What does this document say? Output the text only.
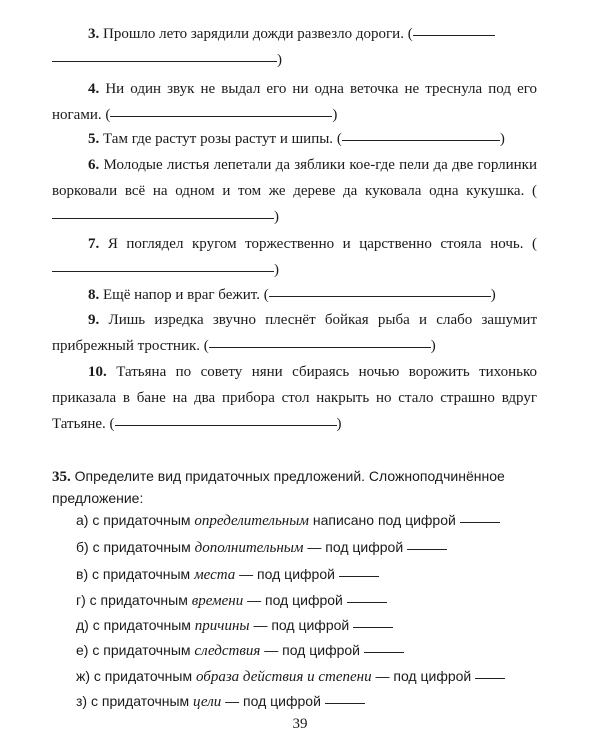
3. Прошло лето зарядили дожди развезло дороги. (
)
4. Ни один звук не выдал его ни одна веточка не треснула под его ногами. (	)
5. Там где растут розы растут и шипы. (	)
6. Молодые листья лепетали да зяблики кое-где пели да две горлинки ворковали всё на одном и том же дереве да куковала одна кукушка. ()
7. Я поглядел кругом торжественно и царственно стояла ночь. ()
8. Ещё напор и враг бежит. (	)
9. Лишь изредка звучно плеснёт бойкая рыба и слабо зашумит прибрежный тростник. (	)
10. Татьяна по совету няни сбираясь ночью ворожить тихонько приказала в бане на два прибора стол накрыть но стало страшно вдруг Татьяне. (	)
35. Определите вид придаточных предложений. Сложноподчинённое предложение:
а) с придаточным определительным написано под цифрой
б) с придаточным дополнительным — под цифрой
в) с придаточным места — под цифрой
г) с придаточным времени — под цифрой
д) с придаточным причины — под цифрой
е) с придаточным следствия — под цифрой
ж) с придаточным образа действия и степени — под цифрой
з) с придаточным цели — под цифрой
39
